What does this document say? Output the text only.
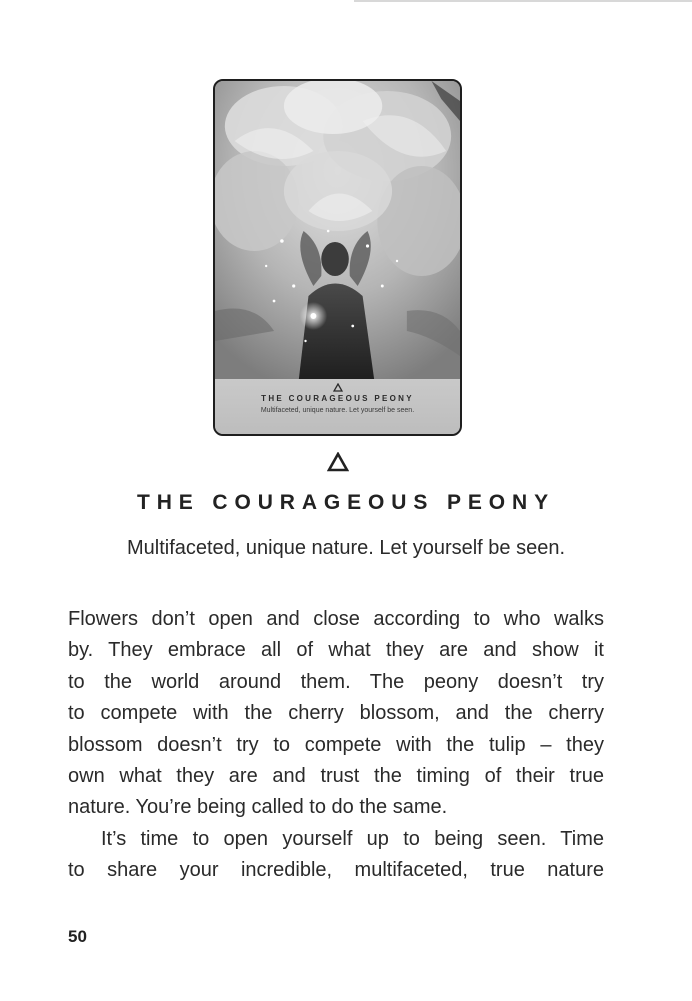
THE COURAGEOUS PEONY
Multifaceted, unique nature. Let yourself be seen.
THE COURAGEOUS PEONY
Multifaceted, unique nature. Let yourself be seen.
Flowers don’t open and close according to who walks
by. They embrace all of what they are and show it
to the world around them. The peony doesn’t try
to compete with the cherry blossom, and the cherry
blossom doesn’t try to compete with the tulip – they
own what they are and trust the timing of their true
nature. You’re being called to do the same.
It’s time to open yourself up to being seen. Time
to share your incredible, multifaceted, true nature
50
